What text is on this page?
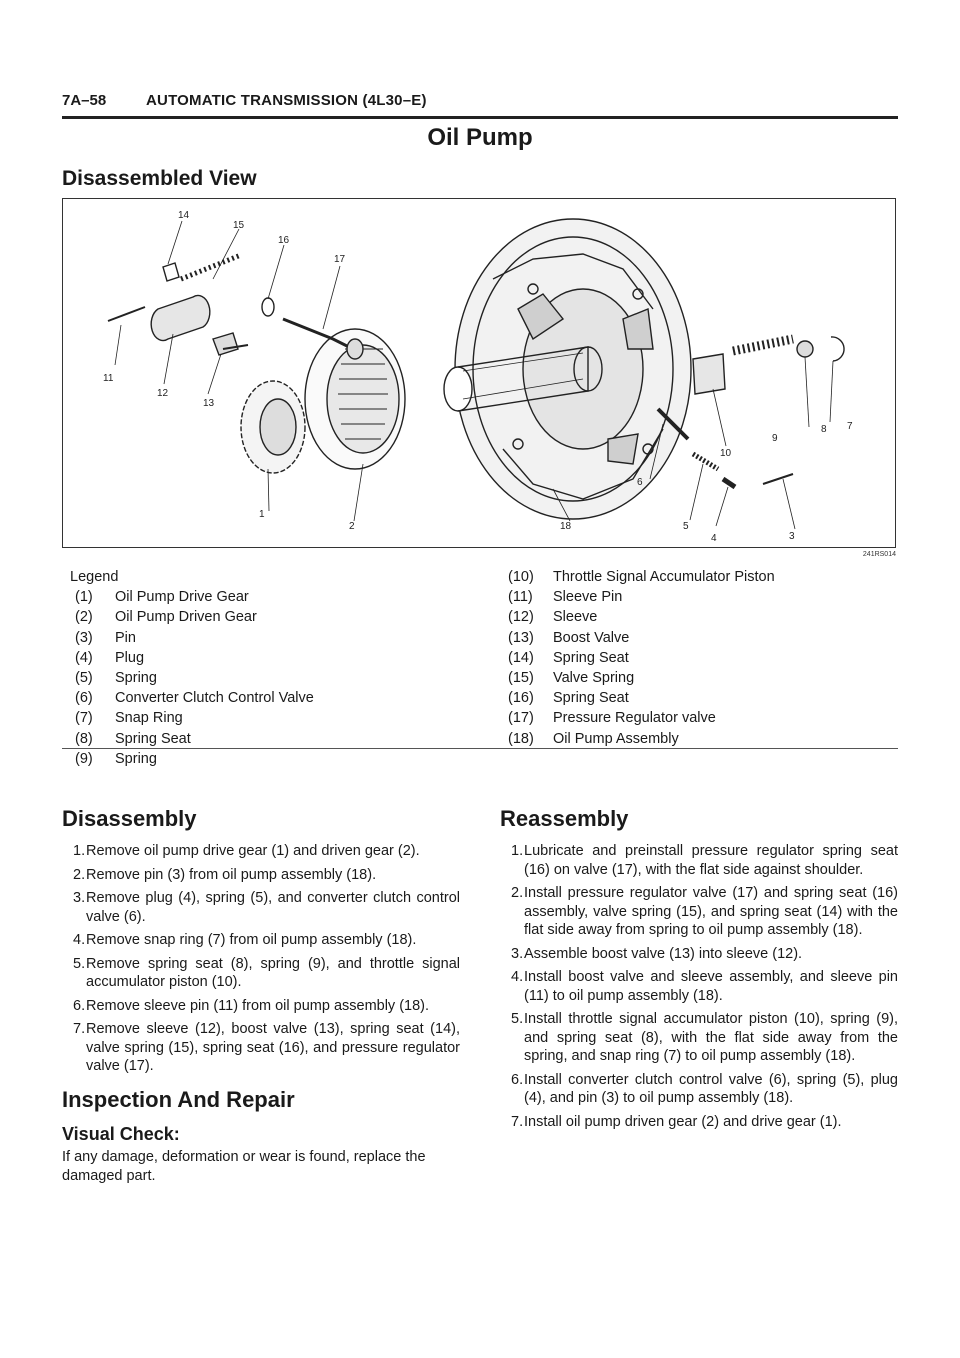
7A–58	AUTOMATIC TRANSMISSION (4L30–E)
Oil Pump
Disassembled View
1
2
3
4
5
6
7
8
9
10
11
12
13
14
15
16
17
18
241RS014
Legend
(1) Oil Pump Drive Gear
(2) Oil Pump Driven Gear
(3) Pin
(4) Plug
(5) Spring
(6) Converter Clutch Control Valve
(7) Snap Ring
(8) Spring Seat
(9) Spring
(10) Throttle Signal Accumulator Piston
(11) Sleeve Pin
(12) Sleeve
(13) Boost Valve
(14) Spring Seat
(15) Valve Spring
(16) Spring Seat
(17) Pressure Regulator valve
(18) Oil Pump Assembly
Disassembly
1. Remove oil pump drive gear (1) and driven gear (2).
2. Remove pin (3) from oil pump assembly (18).
3. Remove plug (4), spring (5), and converter clutch control valve (6).
4. Remove snap ring (7) from oil pump assembly (18).
5. Remove spring seat (8), spring (9), and throttle signal accumulator piston (10).
6. Remove sleeve pin (11) from oil pump assembly (18).
7. Remove sleeve (12), boost valve (13), spring seat (14), valve spring (15), spring seat (16), and pressure regulator valve (17).
Inspection And Repair
Visual Check:
If any damage, deformation or wear is found, replace the damaged part.
Reassembly
1. Lubricate and preinstall pressure regulator spring seat (16) on valve (17), with the flat side against shoulder.
2. Install pressure regulator valve (17) and spring seat (16) assembly, valve spring (15), and spring seat (14) with the flat side away from spring to oil pump assembly (18).
3. Assemble boost valve (13) into sleeve (12).
4. Install boost valve and sleeve assembly, and sleeve pin (11) to oil pump assembly (18).
5. Install throttle signal accumulator piston (10), spring (9), and spring seat (8), with the flat side away from the spring, and snap ring (7) to oil pump assembly (18).
6. Install converter clutch control valve (6), spring (5), plug (4), and pin (3) to oil pump assembly (18).
7. Install oil pump driven gear (2) and drive gear (1).
